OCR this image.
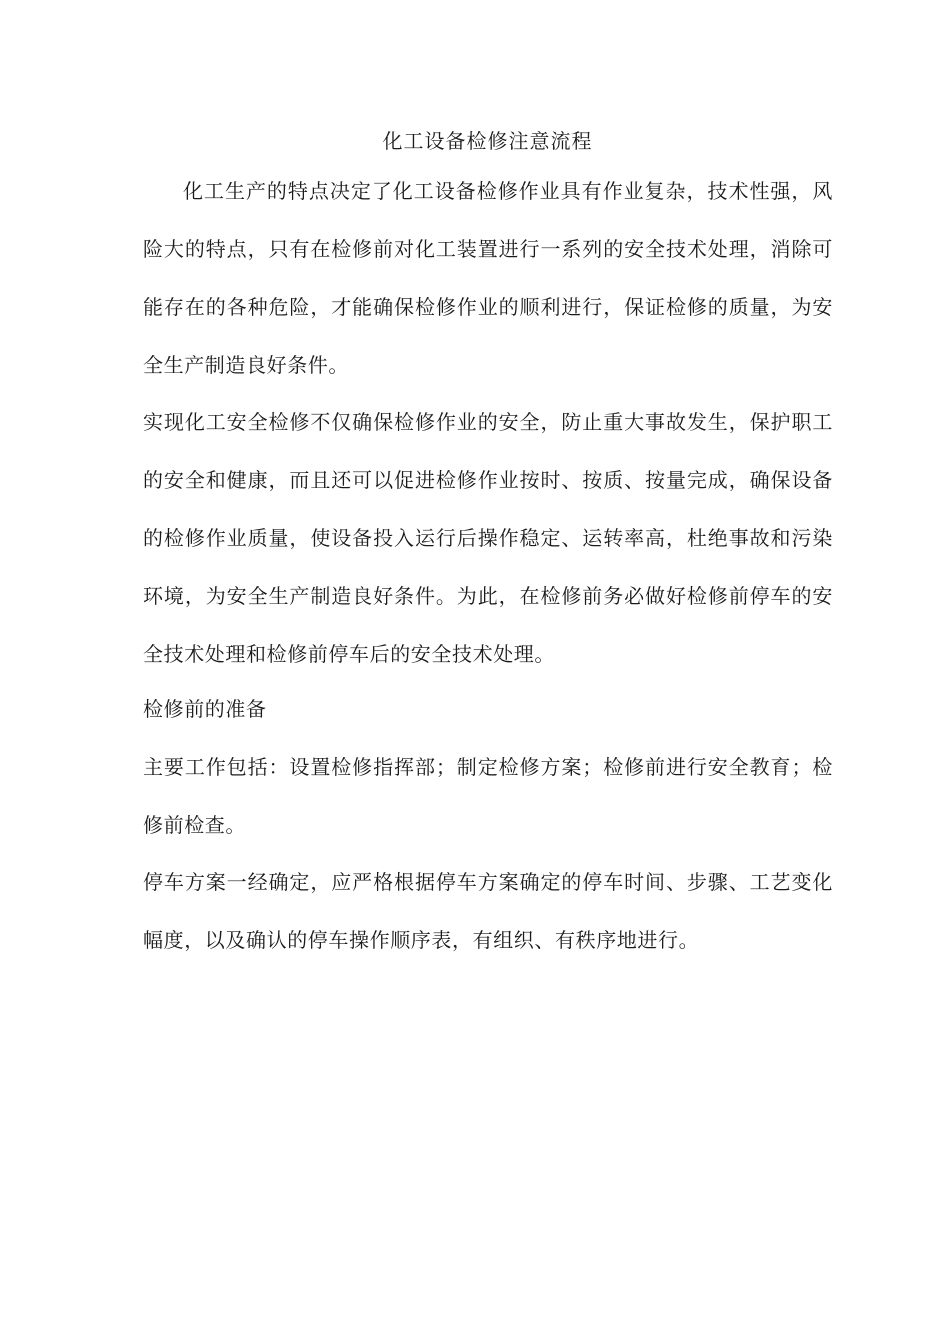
化工设备检修注意流程

化工生产的特点决定了化工设备检修作业具有作业复杂，技术性强，风险大的特点，只有在检修前对化工装置进行一系列的安全技术处理，消除可能存在的各种危险，才能确保检修作业的顺利进行，保证检修的质量，为安全生产制造良好条件。

实现化工安全检修不仅确保检修作业的安全，防止重大事故发生，保护职工的安全和健康，而且还可以促进检修作业按时、按质、按量完成，确保设备的检修作业质量，使设备投入运行后操作稳定、运转率高，杜绝事故和污染环境，为安全生产制造良好条件。为此，在检修前务必做好检修前停车的安全技术处理和检修前停车后的安全技术处理。

检修前的准备

主要工作包括：设置检修指挥部；制定检修方案；检修前进行安全教育；检修前检查。

停车方案一经确定，应严格根据停车方案确定的停车时间、步骤、工艺变化幅度，以及确认的停车操作顺序表，有组织、有秩序地进行。
